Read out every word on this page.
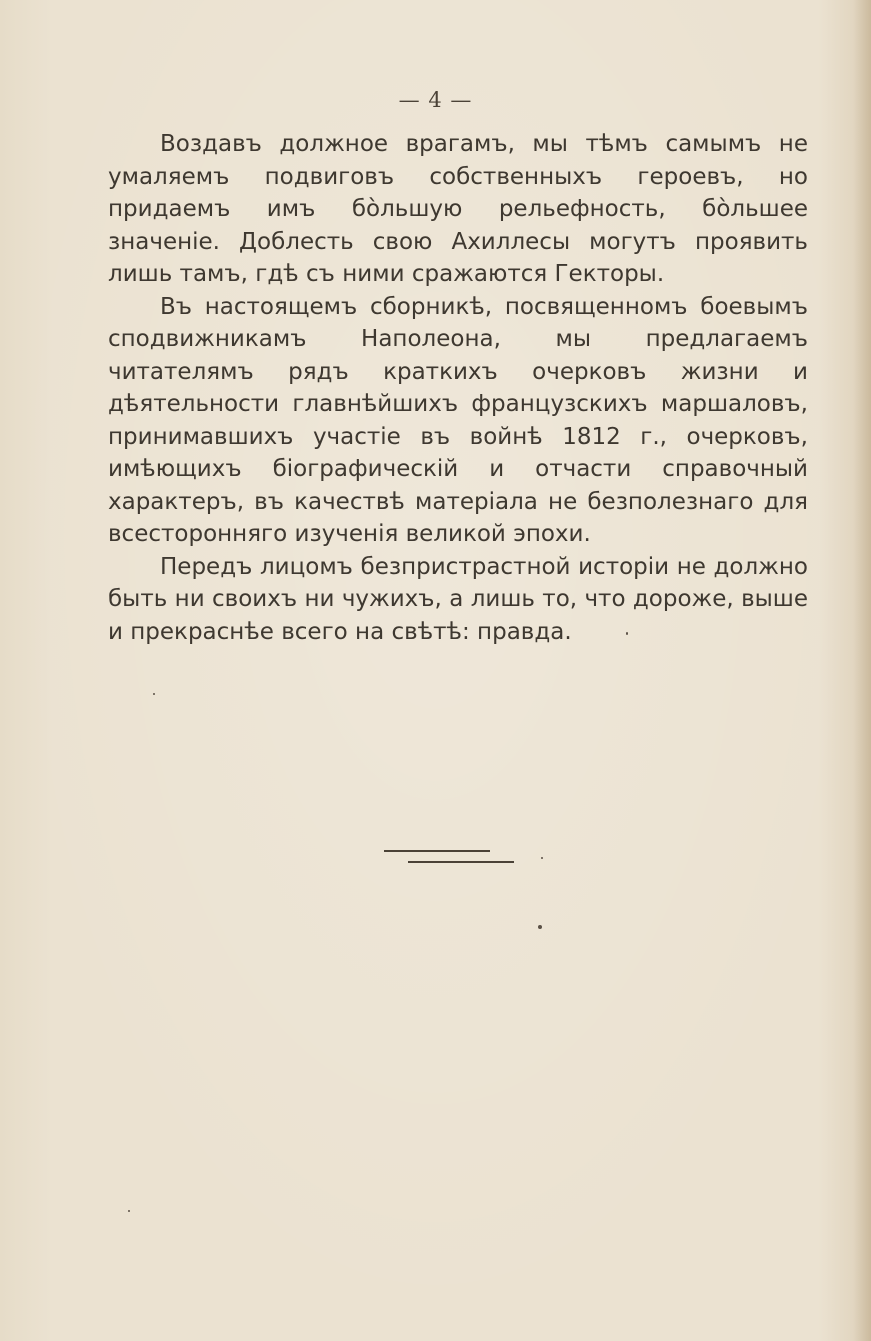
— 4 —

Воздавъ должное врагамъ, мы тѣмъ самымъ не умаляемъ подвиговъ собственныхъ героевъ, но придаемъ имъ бо̀льшую рельефность, бо̀льшее значеніе. Доблесть свою Ахиллесы могутъ проявить лишь тамъ, гдѣ съ ними сражаются Гекторы.

Въ настоящемъ сборникѣ, посвященномъ боевымъ сподвижникамъ Наполеона, мы предлагаемъ читателямъ рядъ краткихъ очерковъ жизни и дѣятельности главнѣйшихъ французскихъ маршаловъ, принимавшихъ участіе въ войнѣ 1812 г., очерковъ, имѣющихъ біографическій и отчасти справочный характеръ, въ качествѣ матеріала не безполезнаго для всесторонняго изученія великой эпохи.

Передъ лицомъ безпристрастной исторіи не должно быть ни своихъ ни чужихъ, а лишь то, что дороже, выше и прекраснѣе всего на свѣтѣ: правда.
